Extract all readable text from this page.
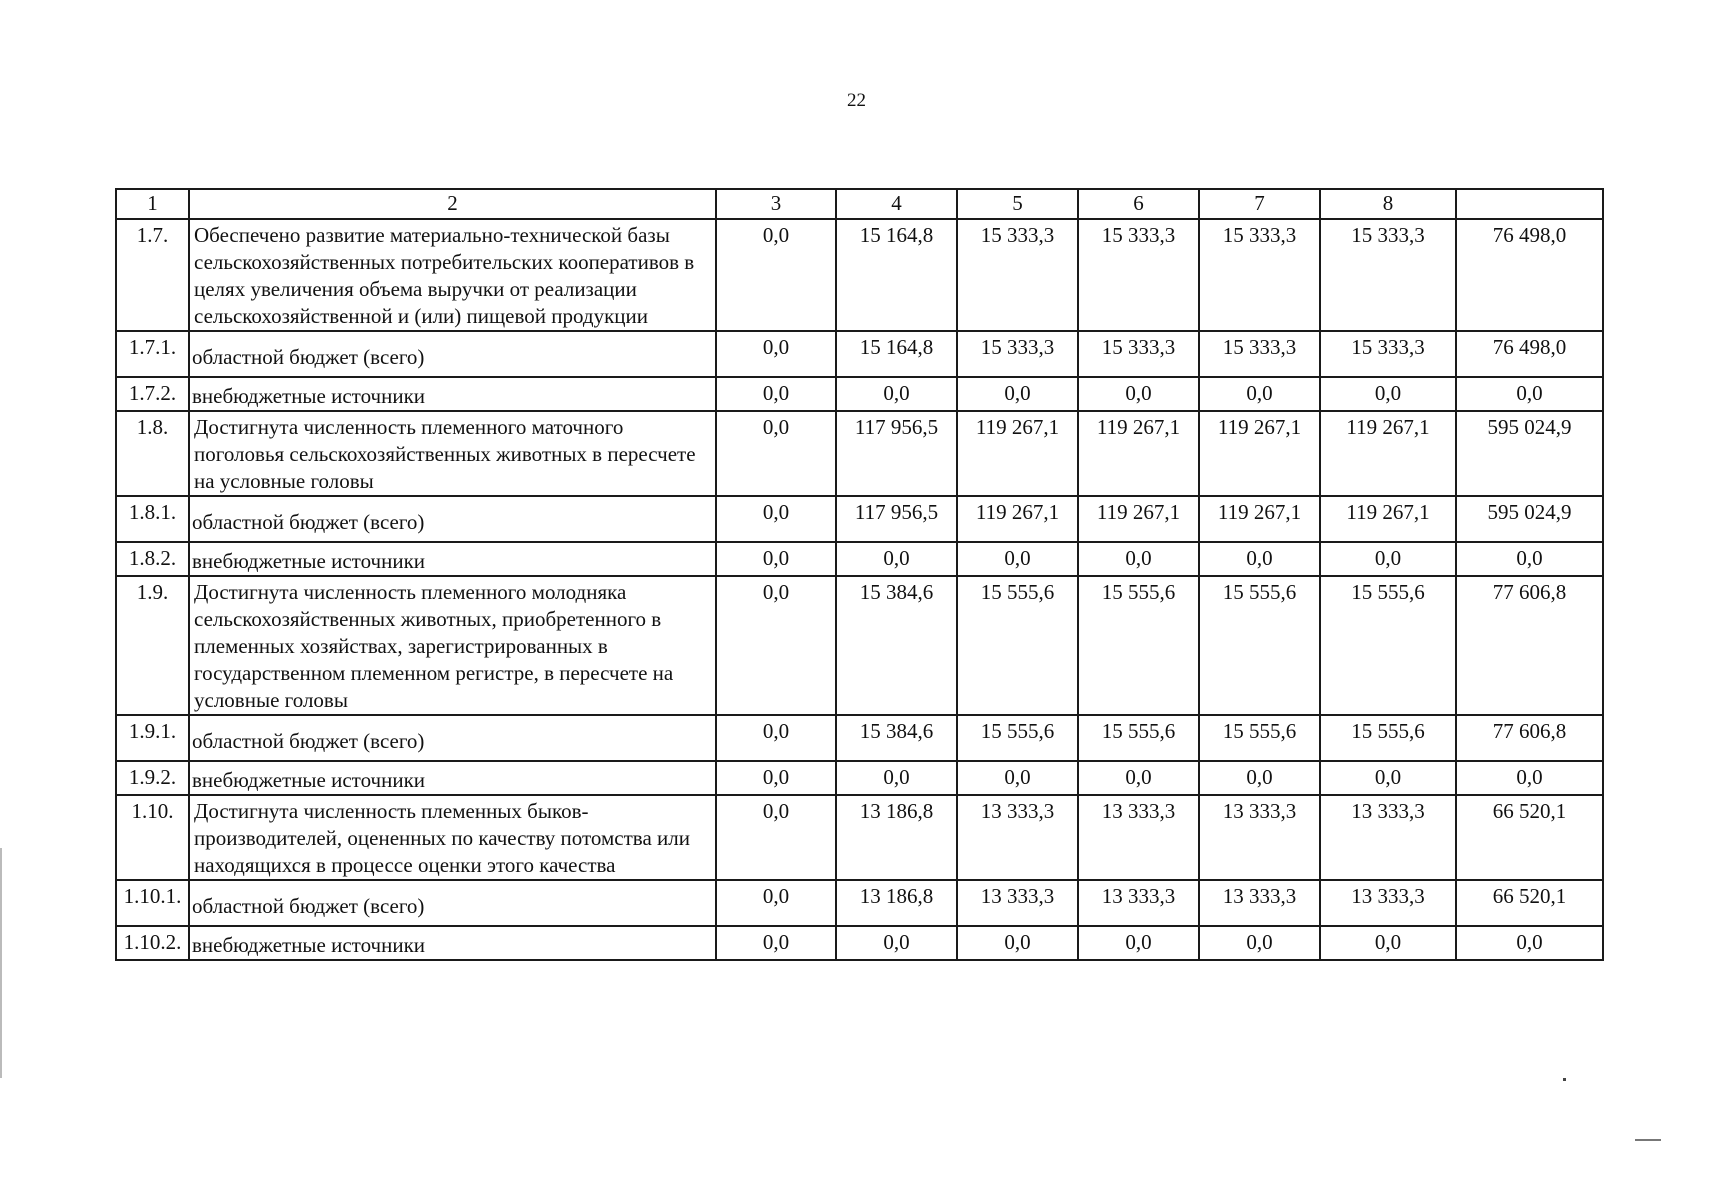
22
1	2	3	4	5	6	7	8	
1.7.	Обеспечено развитие материально-технической базы сельскохозяйственных потребительских кооперативов в целях увеличения объема выручки от реализации сельскохозяйственной и (или) пищевой продукции	0,0	15 164,8	15 333,3	15 333,3	15 333,3	15 333,3	76 498,0
1.7.1.	областной бюджет (всего)	0,0	15 164,8	15 333,3	15 333,3	15 333,3	15 333,3	76 498,0
1.7.2.	внебюджетные источники	0,0	0,0	0,0	0,0	0,0	0,0	0,0
1.8.	Достигнута численность племенного маточного поголовья сельскохозяйственных животных в пересчете на условные головы	0,0	117 956,5	119 267,1	119 267,1	119 267,1	119 267,1	595 024,9
1.8.1.	областной бюджет (всего)	0,0	117 956,5	119 267,1	119 267,1	119 267,1	119 267,1	595 024,9
1.8.2.	внебюджетные источники	0,0	0,0	0,0	0,0	0,0	0,0	0,0
1.9.	Достигнута численность племенного молодняка сельскохозяйственных животных, приобретенного в племенных хозяйствах, зарегистрированных в государственном племенном регистре, в пересчете на условные головы	0,0	15 384,6	15 555,6	15 555,6	15 555,6	15 555,6	77 606,8
1.9.1.	областной бюджет (всего)	0,0	15 384,6	15 555,6	15 555,6	15 555,6	15 555,6	77 606,8
1.9.2.	внебюджетные источники	0,0	0,0	0,0	0,0	0,0	0,0	0,0
1.10.	Достигнута численность племенных быков-производителей, оцененных по качеству потомства или находящихся в процессе оценки этого качества	0,0	13 186,8	13 333,3	13 333,3	13 333,3	13 333,3	66 520,1
1.10.1.	областной бюджет (всего)	0,0	13 186,8	13 333,3	13 333,3	13 333,3	13 333,3	66 520,1
1.10.2.	внебюджетные источники	0,0	0,0	0,0	0,0	0,0	0,0	0,0
